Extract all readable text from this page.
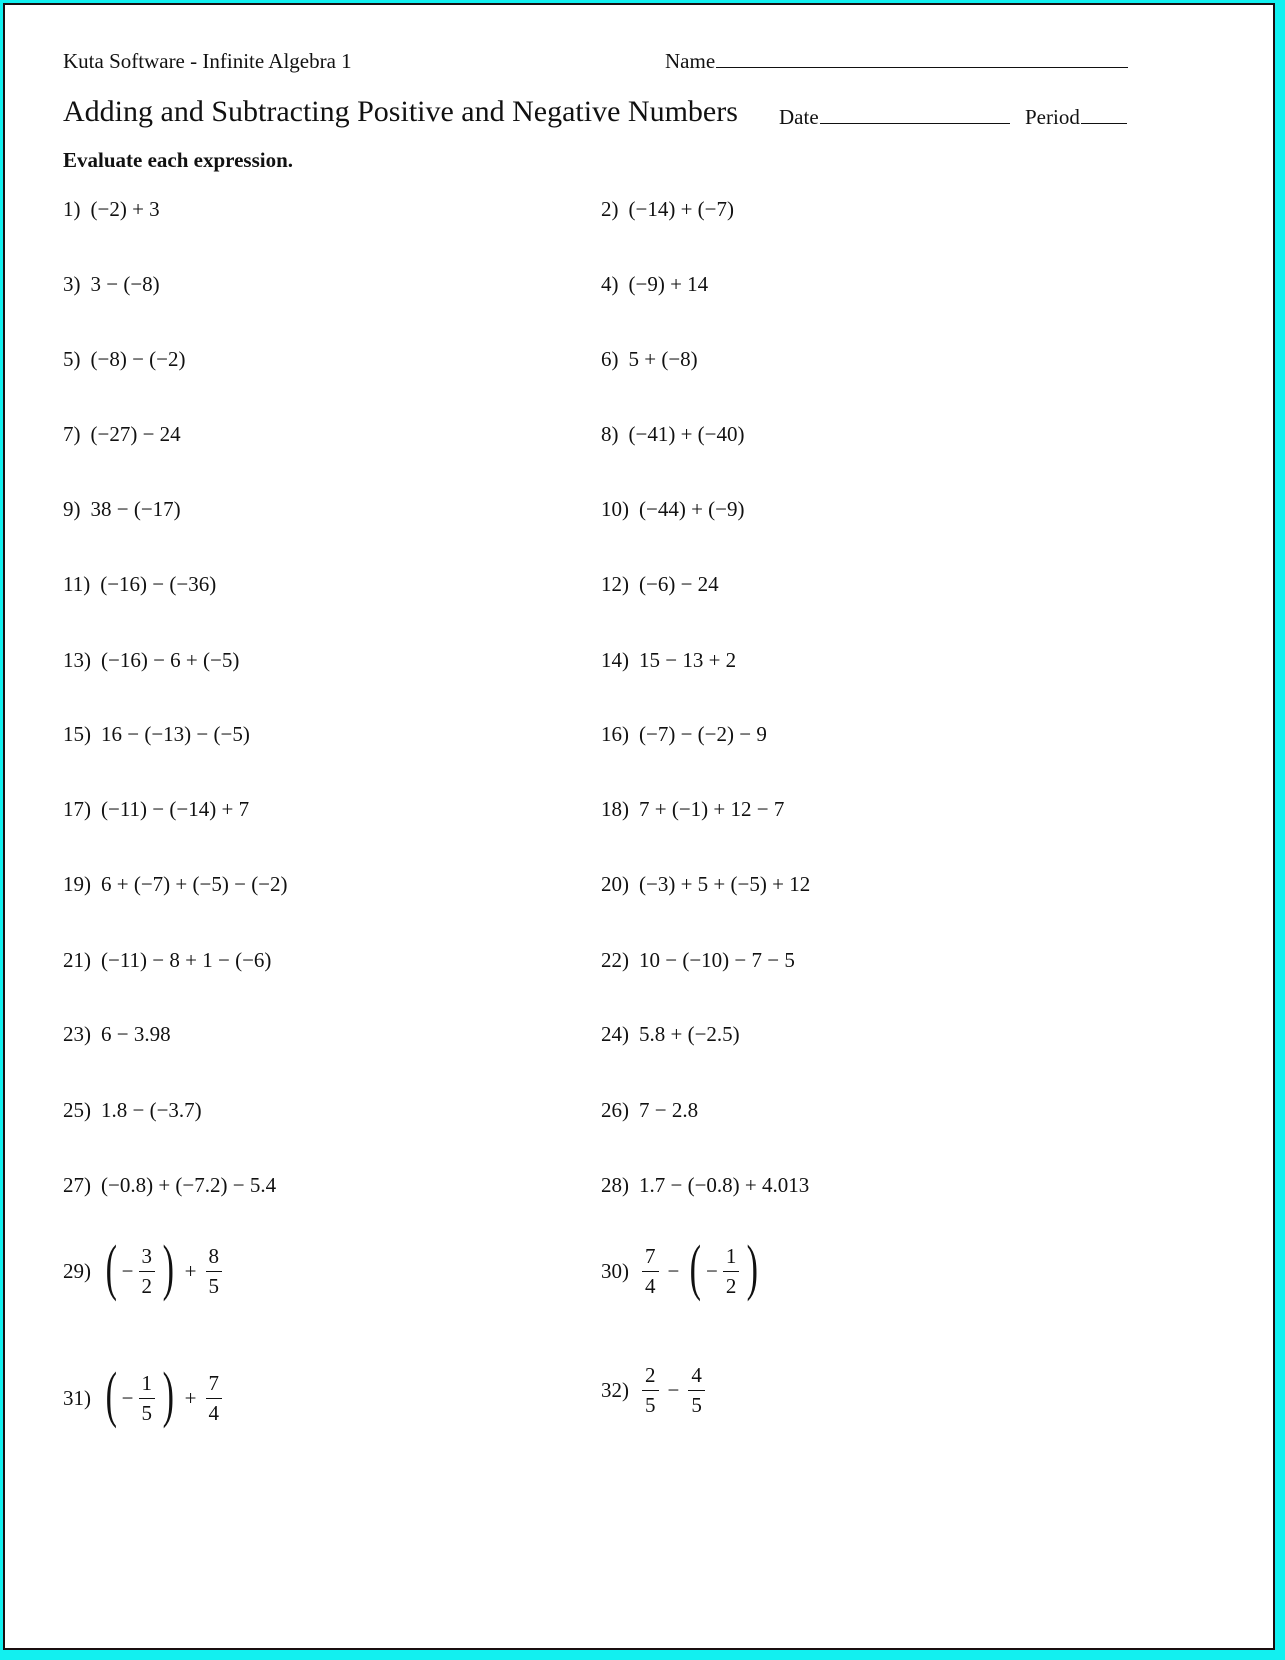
Kuta Software - Infinite Algebra 1	Name
Adding and Subtracting Positive and Negative Numbers Date	Period
Evaluate each expression.
1) (−2) + 3	2) (−14) + (−7)
3) 3 − (−8)	4) (−9) + 14
5) (−8) − (−2)	6) 5 + (−8)
7) (−27) − 24	8) (−41) + (−40)
9) 38 − (−17)	10) (−44) + (−9)
11) (−16) − (−36)	12) (−6) − 24
13) (−16) − 6 + (−5)	14) 15 − 13 + 2
15) 16 − (−13) − (−5)	16) (−7) − (−2) − 9
17) (−11) − (−14) + 7	18) 7 + (−1) + 12 − 7
19) 6 + (−7) + (−5) − (−2)	20) (−3) + 5 + (−5) + 12
21) (−11) − 8 + 1 − (−6)	22) 10 − (−10) − 7 − 5
23) 6 − 3.98	24) 5.8 + (−2.5)
25) 1.8 − (−3.7)	26) 7 − 2.8
27) (−0.8) + (−7.2) − 5.4	28) 1.7 − (−0.8) + 4.013
29) ( − $\frac{3}{2}$ ) + $\frac{8}{5}$	$30) \frac{7}{4}$ − ( − $\frac{1}{2}$ )
31) ( − $\frac{1}{5}$ ) + $\frac{7}{4}$	$32) \frac{2}{5} - \frac{4}{5}$
